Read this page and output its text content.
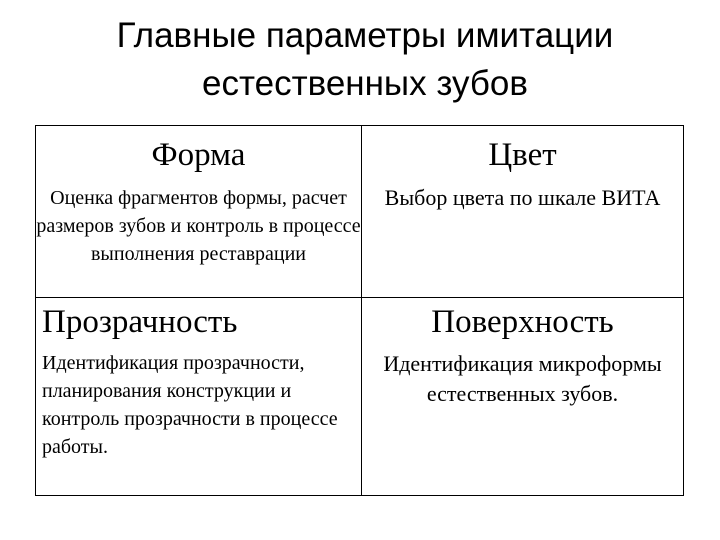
Главные параметры имитации
естественных зубов
Форма
Оценка фрагментов формы, расчет размеров зубов и контроль в процессе выполнения реставрации
Цвет
Выбор цвета по шкале ВИТА
Прозрачность
Идентификация прозрачности, планирования конструкции и контроль прозрачности в процессе работы.
Поверхность
Идентификация микроформы естественных зубов.
